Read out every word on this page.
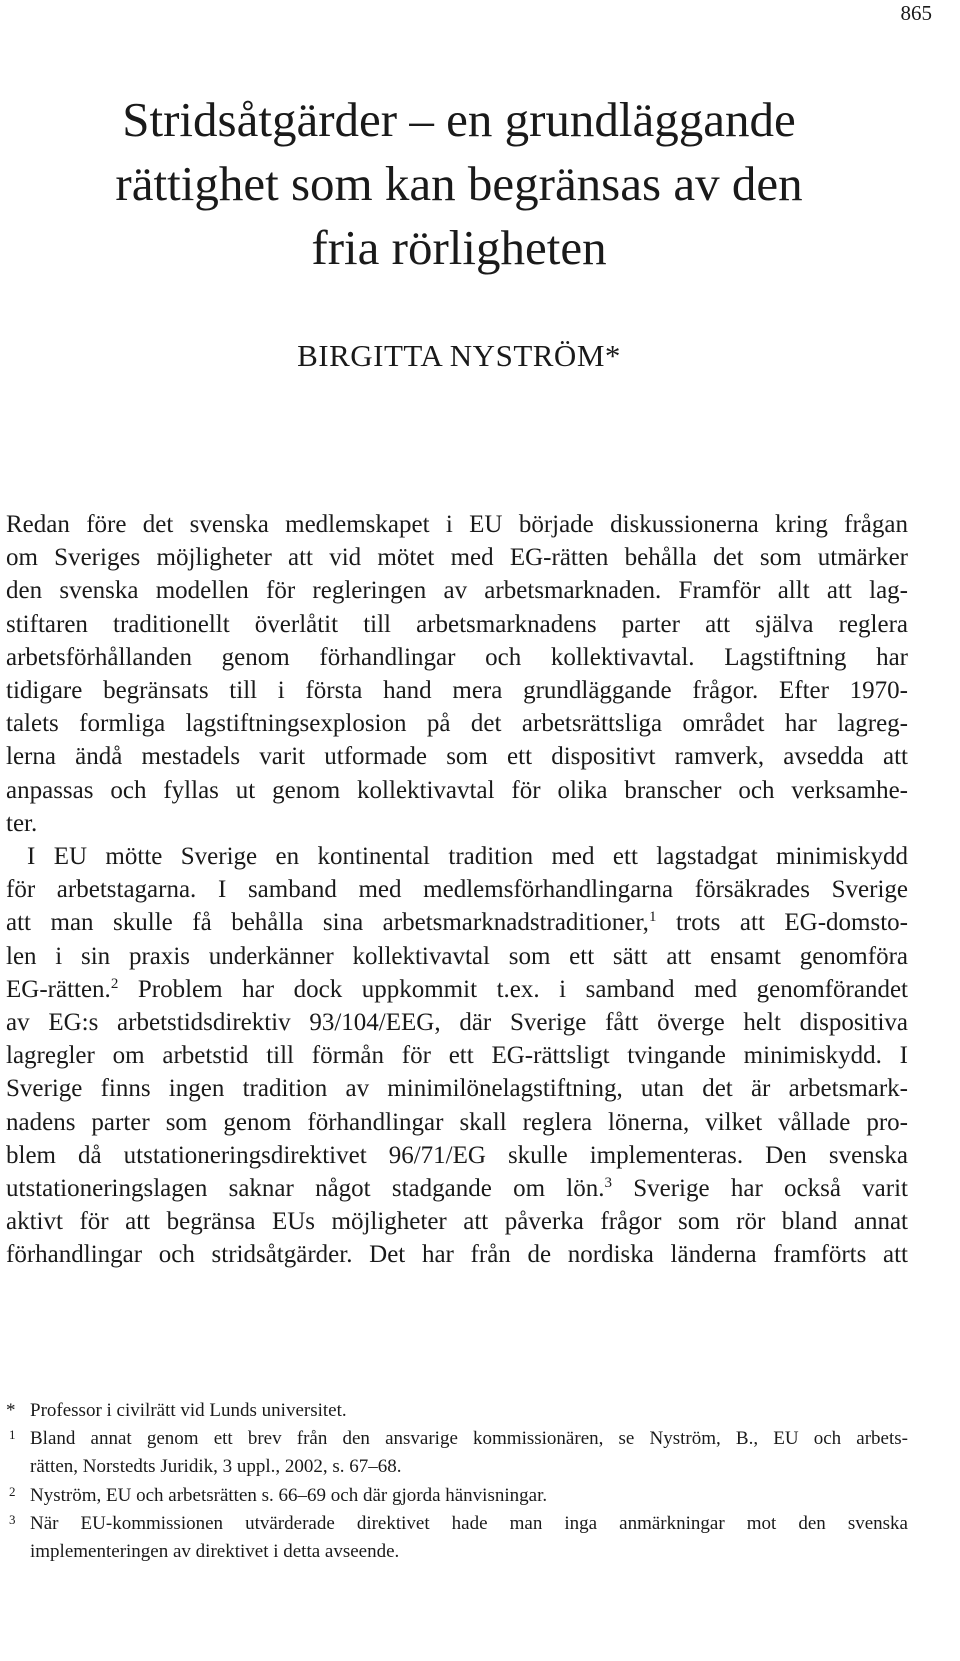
865
Stridsåtgärder – en grundläggande
rättighet som kan begränsas av den
fria rörligheten
BIRGITTA NYSTRÖM*

Redan före det svenska medlemskapet i EU började diskussionerna kring frågan
om Sveriges möjligheter att vid mötet med EG-rätten behålla det som utmärker
den svenska modellen för regleringen av arbetsmarknaden. Framför allt att lag-
stiftaren traditionellt överlåtit till arbetsmarknadens parter att själva reglera
arbetsförhållanden genom förhandlingar och kollektivavtal. Lagstiftning har
tidigare begränsats till i första hand mera grundläggande frågor. Efter 1970-
talets formliga lagstiftningsexplosion på det arbetsrättsliga området har lagreg-
lerna ändå mestadels varit utformade som ett dispositivt ramverk, avsedda att
anpassas och fyllas ut genom kollektivavtal för olika branscher och verksamhe-
ter.

I EU mötte Sverige en kontinental tradition med ett lagstadgat minimiskydd
för arbetstagarna. I samband med medlemsförhandlingarna försäkrades Sverige
att man skulle få behålla sina arbetsmarknadstraditioner,$^1$ trots att EG-domsto-
len i sin praxis underkänner kollektivavtal som ett sätt att ensamt genomföra
EG-rätten.$^2$ Problem har dock uppkommit t.ex. i samband med genomförandet
av EG:s arbetstidsdirektiv 93/104/EEG, där Sverige fått överge helt dispositiva
lagregler om arbetstid till förmån för ett EG-rättsligt tvingande minimiskydd. I
Sverige finns ingen tradition av minimilönelagstiftning, utan det är arbetsmark-
nadens parter som genom förhandlingar skall reglera lönerna, vilket vållade pro-
blem då utstationeringsdirektivet 96/71/EG skulle implementeras. Den svenska
utstationeringslagen saknar något stadgande om lön.$^3$ Sverige har också varit
aktivt för att begränsa EUs möjligheter att påverka frågor som rör bland annat
förhandlingar och stridsåtgärder. Det har från de nordiska länderna framförts att

* Professor i civilrätt vid Lunds universitet.
1 Bland annat genom ett brev från den ansvarige kommissionären, se Nyström, B., EU och arbets-
rätten, Norstedts Juridik, 3 uppl., 2002, s. 67–68.
2 Nyström, EU och arbetsrätten s. 66–69 och där gjorda hänvisningar.
3 När EU-kommissionen utvärderade direktivet hade man inga anmärkningar mot den svenska
implementeringen av direktivet i detta avseende.
